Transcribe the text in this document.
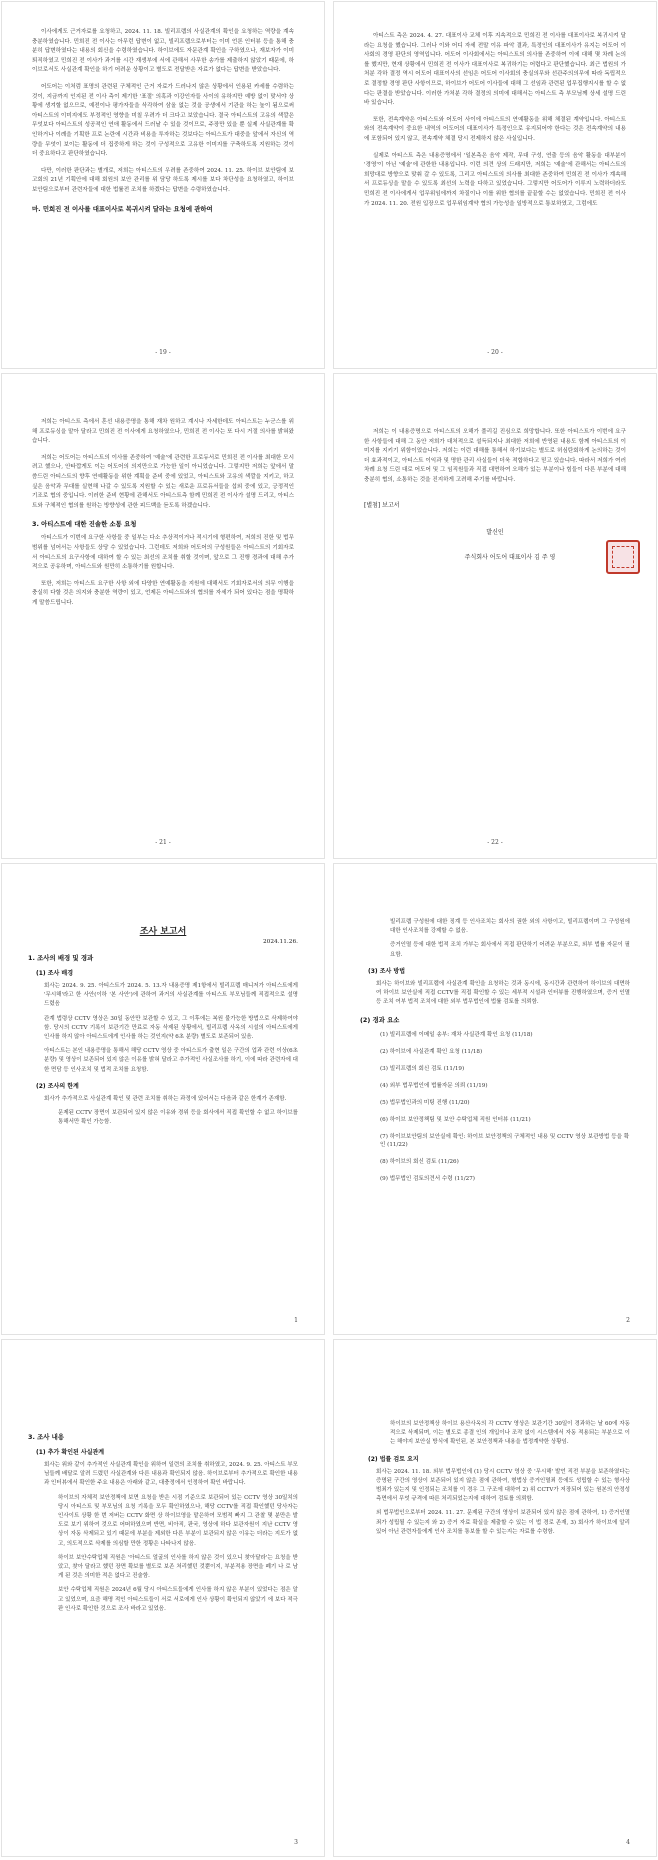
이사에게도 근거자료를 요청하고, 2024. 11. 18. 빌리프랩의 사실관계의 확인을 요청하는 역량을 계속 충분하였습니다. 민희진 전 이사는 아무런 답변이 없고, 빌리프랩으로부터는 이미 언론 인터뷰 등을 통해 충분히 답변하였다는 내용의 회신을 수령하였습니다. 하이브에도 자문관계 확인을 구하였으나, 재보자가 이미 퇴직하였고 민희진 전 이사가 과거를 시간 재생부에 서에 관해서 사무한 송가를 제출하지 않았기 때문에, 하이브로서도 사실관계 확인을 하기 어려운 상황이고 별도로 전달받은 자료가 없다는 답변을 받았습니다.

어도어는 이처럼 표명의 관련된 구체적인 근거 자료가 드러나지 않은 상황에서 인용된 카세를 수렴하는 것이, 지금까지 인지된 전 이사 측이 제기한 '표절' 의혹과 이강인자들 사이의 유하지만 예방 없이 맞서야 상황에 생겨할 없으므로, 예전이나 평가자들을 삭각하여 삼올 없는 것을 공생에서 기관을 하는 높이 됨으로써 아티스트의 이미지에도 부정적인 영향을 미칠 우려가 더 크다고 보았습니다. 결국 아티스트의 고유의 색깔은 무엇보다 아티스트의 성공적인 연애 활동에서 드러날 수 있을 것이므로, 주장만 있을 뿐 실제 사실관계를 확인하거나 이례을 기획한 프로 논란에 시간과 비용을 투자하는 것보다는 아티스트가 대중을 앞에서 자신의 역량을 무엇이 보이는 활동에 더 집중하게 하는 것이 구성적으로 고유한 이미지를 구축하도록 지원하는 것이 더 중요하다고 판단하였습니다.

다만, 이러한 판단과는 별개로, 저희는 아티스트의 우려를 존중하여 2024. 11. 25. 하이브 보안팀에 보고회의 21년 기획안에 대해 회원의 보안 관리를 위 담당 하도록 제시를 보다 차단성을 요청하였고, 하이브 보안팀으로부터 관련자들에 대한 법률전 조치를 하겠다는 답변을 수령하였습니다.

마. 민희진 전 이사를 대표이사로 복귀시켜 달라는 요청에 관하여
- 19 -

아티스트 측은 2024. 4. 27. 대표이사 교체 이후 지속적으로 민희진 전 이사를 대표이사로 복귀시켜 달라는 요청을 했습니다. 그러나 이와 어디 자세 전말 이유 파악 결과, 특정인의 대표이사가 유지는 어도어 이사회의 경영 판단의 영역입니다. 어도어 이사회에서는 아티스트의 의사를 존중하여 이에 대해 몇 차례 논의를 했지만, 현재 상황에서 민희진 전 이사가 대표이사로 복귀하기는 어렵다고 판단했습니다. 최근 법원의 가처분 각하 결정 역시 어도어 대표이사의 선임은 어도어 이사회의 충실의무와 선관주의의무에 따라 독립적으로 결정할 경영 판단 사항이므로, 하이브가 어도어 이사들에 대해 그 선임과 관련된 업무집행지시를 할 수 없다는 판결을 받았습니다. 이러한 가처분 각하 결정의 의미에 대해서는 아티스트 측 부모님께 상세 설명 드린 바 있습니다.

또한, 전속계약은 아티스트와 어도어 사이에 아티스트의 연예활동을 위해 체결된 계약입니다. 아티스트와의 전속계약이 중요한 내역의 어도어의 대표이사가 특정인으로 유지되어야 한다는 것은 전속계약의 내용에 포함되어 있지 않고, 전속계약 체결 당시 전제하지 않은 사실입니다.

실제로 아티스트 측은 내용증명에서 '일본측은 음악 제작, 무대 구성, 연출 등의 음악 활동을 대부분이 '경영'이 아닌 '예술'에 관한한 내용입니다. 이런 의견 상의 드래지만, 저희는 '예술'에 관해서는 아티스트의 희망대로 방향으로 맞춰 갈 수 있도록, 그리고 아티스트의 의사를 최대한 존중하여 민희진 전 이사가 계속해서 프로듀싱을 맡을 수 있도록 최선의 노력을 다하고 있었습니다. 그렇지만 어도어가 이루지 노력하더라도 민희진 전 이사에게서 업무위임에까지 차질이나 이를 위한 협의를 끝끝할 수는 없었습니다. 민희진 전 이사가 2024. 11. 20. 전원 입장으로 업무위임계약 협의 가능성을 일방적으로 통보하였고, 그럼에도

- 20 -

저희는 아티스트 측에서 혼선 내용증명을 통해 재차 원하고 계시나 자세한데도 아티스트는 누군스를 위해 프로듀싱을 맡아 달라고 민희진 전 이사에게 요청하였으나, 민희진 전 이사는 또 다시 거절 의사를 밝혀왔습니다.

저희는 어도어는 아티스트의 이사를 존중하여 '예술'에 관련한 프로듀서로 민희진 전 이사를 최대한 모시려고 했으나, 안타깝게도 이는 어도어의 의지만으로 가능한 일이 아니었습니다. 그렇지만 저희는 앞에서 말씀드린 아티스트의 향후 연예활동을 위한 계획을 준비 중에 있었고, 아티스트와 고유의 색깔을 지키고, 하고 싶은 음악과 무대를 실현해 나갈 수 있도록 지원할 수 있는 새로운 프로듀서들을 섭외 중에 있고, 긍정적인 기조로 협의 중입니다. 이러한 준비 현황에 관해서도 아티스트측 함께 민희진 전 이사가 설명 드리고, 아티스트와 구체적인 협의를 원하는 방향성에 관한 피드백을 듣도록 하겠습니다.

3. 아티스트에 대한 진솔한 소통 요청

아티스트가 이번에 요구한 사항들 중 일부는 다소 추상적이거나 적시기에 형편하여, 저희의 진한 및 법무 범위를 넘어서는 사항들도 상당 수 있었습니다. 그런데도 저희와 어도어의 구성원들은 아티스트의 기회자로서 아티스트의 요구사항에 대하여 할 수 있는 최선의 조치를 취할 것이며, 앞으로 그 진행 경과에 대해 추가적으로 공유하며, 아티스트와 원만히 소통하기를 원합니다.

또한, 저희는 아티스트 요구한 사항 외에 다양한 연예활동을 지원에 대해서도 기회자로서의 의무 이행을 충실히 다할 것은 의지와 충분한 역량이 있고, 언제든 아티스트와의 협의를 자세가 되어 있다는 점을 명확하게 말씀드립니다.

- 21 -

저희는 이 내용증명으로 아티스트의 오해가 풀리길 진심으로 희망합니다. 또한 아티스트가 이번에 요구한 사항들에 대해 그 동안 저희가 대처적으로 설득되지나 최대한 저희에 반영된 내용도 함께 아티스트의 이미지를 지키기 위함이었습니다. 저희는 이런 대해를 통해서 하기보다는 별도로 허심탄회하게 논의하는 것이 더 효과적이고, 아티스트 이익과 및 명한 관리 사실들이 더욱 적합하다고 믿고 있습니다. 따라서 저희가 여러 차례 요청 드린 대로 어도어 및 그 임직원들과 직접 대면하여 오해가 있는 부분이나 힘들이 다른 부분에 대해 충분히 협의, 소통하는 것을 진지하게 고려해 주기를 바랍니다.

[별첨] 보고서
발신인
주식회사 어도어 대표이사 김 주 영
- 22 -
조사 보고서
2024.11.26.
1. 조사의 배경 및 경과
(1) 조사 배경

회사는 2024. 9. 25. 아티스트가 2024. 5. 13.자 내용증명 제1항에서 빌리프랩 매니저가 아티스트에게 '무시해'라고 한 사안(이하 '본 사안')에 관하여 과거의 사실관계를 아티스트 부모님들께 직접적으로 설명 드렸음

관계 법령상 CCTV 영상은 30일 동안만 보관할 수 있고, 그 이후에는 복원 불가능한 방법으로 삭제하여야 함. 당시의 CCTV 기록이 보관기간 만료로 자동 삭제된 상황에서, 빌리프랩 사옥의 시설의 아티스트에게 인사를 하지 않아 아티스트에게 인사를 하는 것인지(약 6초 분량) 별도로 보존되어 있음.

아티스트는 본인 내용증명을 통해서 해당 CCTV 영상 중 아티스트가 출현 일은 구간의 업과 관련 이상(6초 분량) 및 영상이 보존되어 있지 않은 이유를 밝혀 달라고 추가적인 사실조사를 하기, 이에 따라 관련자에 대한 면담 등 인사조치 및 법적 조치를 요청함.

(2) 조사의 한계

회사가 추가적으로 사실관계 확인 및 관련 조치를 취하는 과정에 있어서는 다음과 같은 한계가 존재함.

문제된 CCTV 장면이 보관되어 있지 않은 이유와 경위 등을 회사에서 직접 확인할 수 없고 하이브를 통해서만 확인 가능함.

1

빌리프랩 구성원에 대한 징계 등 인사조치는 회사의 권한 외의 사항이고, 빌리프랩이며 그 구성원에 대한 인사조치를 강제할 수 없음.

증거인멸 등에 대한 법적 조치 가부는 회사에서 직접 판단하기 어려운 부분으로, 외부 법률 자문이 필요함.

(3) 조사 방법

회사는 하이브와 빌리프랩에 사실관계 확인을 요청하는 것과 동시에, 동시간과 관련하여 하이브의 대면하여 하이브 보안실에 직접 CCTV를 직접 확인할 수 있는 세부적 시설과 인터뷰를 진행하였으며, 증거 인멸 등 조치 여부 법적 조치에 대한 외부 법무법인에 법률 검토를 의뢰함.

(2) 경과 요소
(1) 빌리프랩에 이메일 송부: 재차 사실관계 확인 요청 (11/18)
(2) 하이브에 사실관계 확인 요청 (11/18)
(3) 빌리프랩의 회신 검토 (11/19)
(4) 외부 법무법인에 법률자문 의뢰 (11/19)
(5) 법무법인과의 미팅 진행 (11/20)
(6) 하이브 보안정책팀 및 보안 수탁업체 직원 인터뷰 (11/21)
(7) 하이브보안팀의 보안실에 확인: 하이브 보안정책의 구체적인 내용 및 CCTV 영상 보관방법 등을 확인 (11/22)
(8) 하이브의 회신 검토 (11/26)
(9) 법무법인 검토의견서 수령 (11/27)
2
3. 조사 내용
(1) 추가 확인된 사실관계

회사는 위와 같이 추가적인 사실관계 확인을 위하여 일련의 조치를 취하였고, 2024. 9. 25. 아티스트 부모님들께 배달로 알려 드렸던 사실관계와 다른 내용과 확인되지 않음. 하이브로부터 추가적으로 확인한 내용과 인터뷰에서 확인한 주요 내용은 아래와 같고, 대충정에서 인정하여 확인 바랍니다.

하이브의 자체적 보안정책에 보면 요청을 받은 시점 기준으로 보관되어 있는 CCTV 영상 30일치의 당시 아티스트 및 부모님의 요청 기록을 모두 확인하였으나, 해당 CCTV를 직접 확인했던 당사자는 인사이트 상황 한 번 저버는 CCTV 화면 상 하이브영을 맡은하여 모범적 빠지 그 관찰 몇 분만은 발도로 보기 위하여 것으로 어떠하였으며 반면, 비아직, 판국, 영상에 하다 보관자원이 지난 CCTV 영상이 자동 삭제되고 있기 때문에 부분을 제외한 다른 부분이 보관되지 않은 이유는 더라는 지도가 없고, 의도적으로 삭제를 의심할 만한 정황은 나타나지 않음.

하이브 보안수탁업체 직원은 '아티스트 얼굴의 인사를 하지 않은 것이 있으니 찾아달라'는 요청을 받았고, 찾아 달라고 했던 장면 확보를 별도로 보존 처리했던 것뿐이지, 부분적용 장면을 폐기 나 로 남게 된 것은 의미한 적은 없다고 진술함.

보안 수탁업체 직원은 2024년 6월 당시 아티스트들에게 인사를 하지 않은 부분이 있었다는 점은 알고 있었으며, 요즘 해명 적인 아티스트들이 서로 서로에게 인사 상황이 확인되지 않았기 에 보다 적극 판 인사로 확인한 것으로 조사 바라고 있었음.

3

하이브의 보안정책상 하이브 용산사옥의 각 CCTV 영상은 보관기간 30일이 경과하는 날 60에 자동적으로 삭제되며, 이는 별도로 종결 인의 개입이나 조작 없이 시스템에서 자동 적용되는 부분으로 이는 해야지 보안실 방식에 확인된, 본 보안정책과 내용을 법정계약한 상황임.

(2) 법률 검토 요지

회사는 2024. 11. 18. 외부 법무법인에 (1) 당시 CCTV 영상 중 '무시해' 발언 직전 부분을 보존하였다는 증명된 구간의 영상이 보존되어 있지 않은 점에 관하여, 형법상 증거인멸죄 등에도 성립할 수 있는 형사상 범죄가 있는지 및 인정되는 조치를 이 경우 그 구조에 대하여 2) 위 CCTV가 저장되어 있는 원본의 안정성 측면에서 무엇 규격에 따른 처리되었는지에 대하여 검토를 의뢰함.

외 법무법인으로부터 2024. 11. 27. 문제된 구간의 영상이 보관되어 있지 않은 점에 관하여, 1) 증거인멸죄가 성립될 수 있는지 와 2) 증거 자료 확실을 제출할 수 있는 이 법 경로 존재, 3) 회사가 하이브에 알리 있어 아닌 관련자들에게 인사 조치를 통보를 할 수 있는지는 자료를 수령함.

4
